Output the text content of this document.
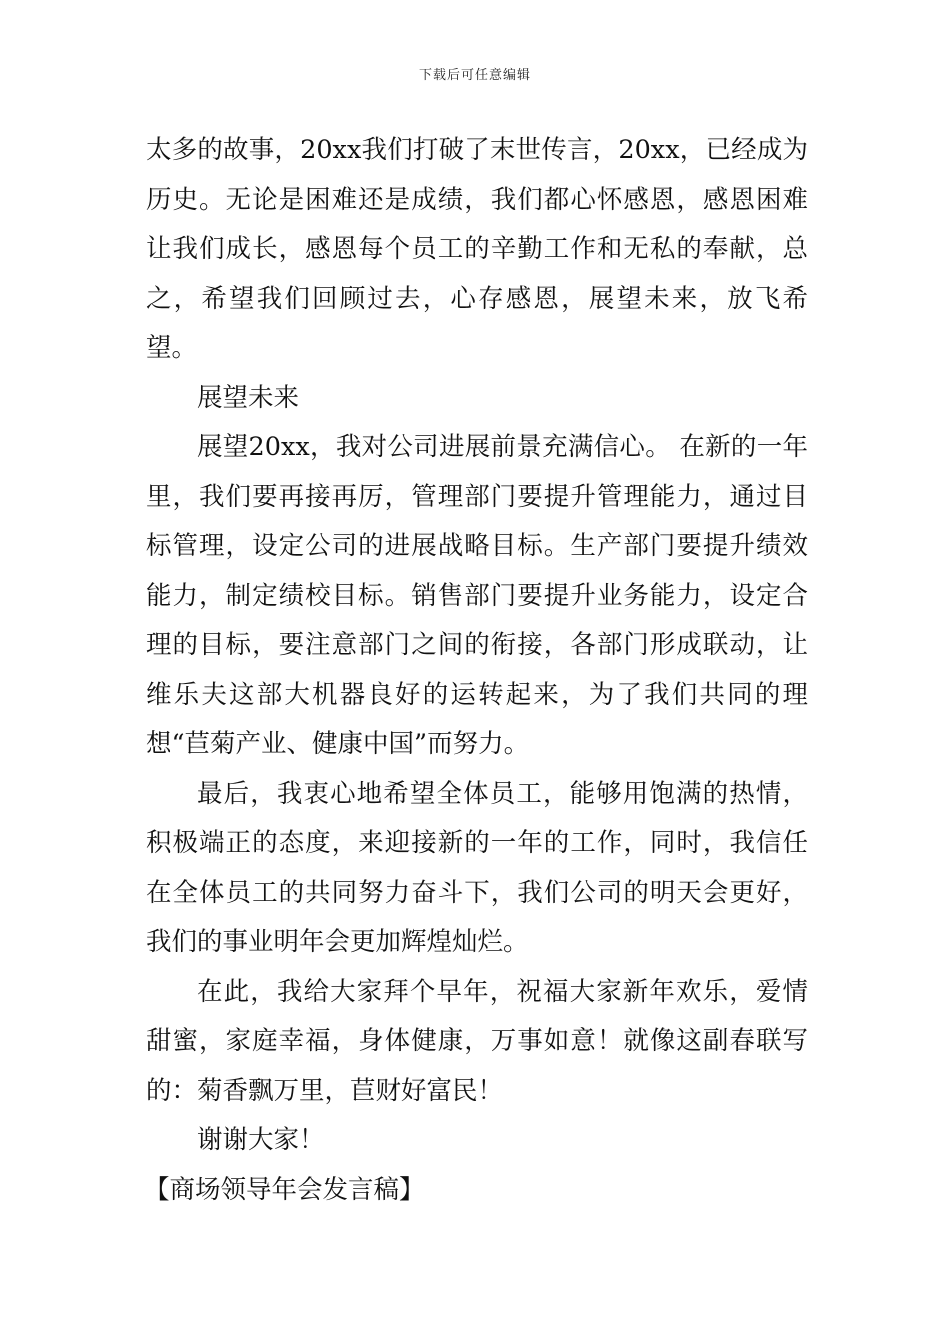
下载后可任意编辑

太多的故事，20xx我们打破了末世传言，20xx，已经成为历史。无论是困难还是成绩，我们都心怀感恩，感恩困难让我们成长，感恩每个员工的辛勤工作和无私的奉献，总之，希望我们回顾过去，心存感恩，展望未来，放飞希望。

展望未来

展望20xx，我对公司进展前景充满信心。 在新的一年里，我们要再接再厉，管理部门要提升管理能力，通过目标管理，设定公司的进展战略目标。生产部门要提升绩效能力，制定绩校目标。销售部门要提升业务能力，设定合理的目标，要注意部门之间的衔接，各部门形成联动，让维乐夫这部大机器良好的运转起来，为了我们共同的理想“苣菊产业、健康中国”而努力。

最后，我衷心地希望全体员工，能够用饱满的热情，积极端正的态度，来迎接新的一年的工作，同时，我信任在全体员工的共同努力奋斗下，我们公司的明天会更好，我们的事业明年会更加辉煌灿烂。

在此，我给大家拜个早年，祝福大家新年欢乐，爱情甜蜜，家庭幸福，身体健康，万事如意！就像这副春联写的：菊香飘万里，苣财好富民！

谢谢大家！

【商场领导年会发言稿】
